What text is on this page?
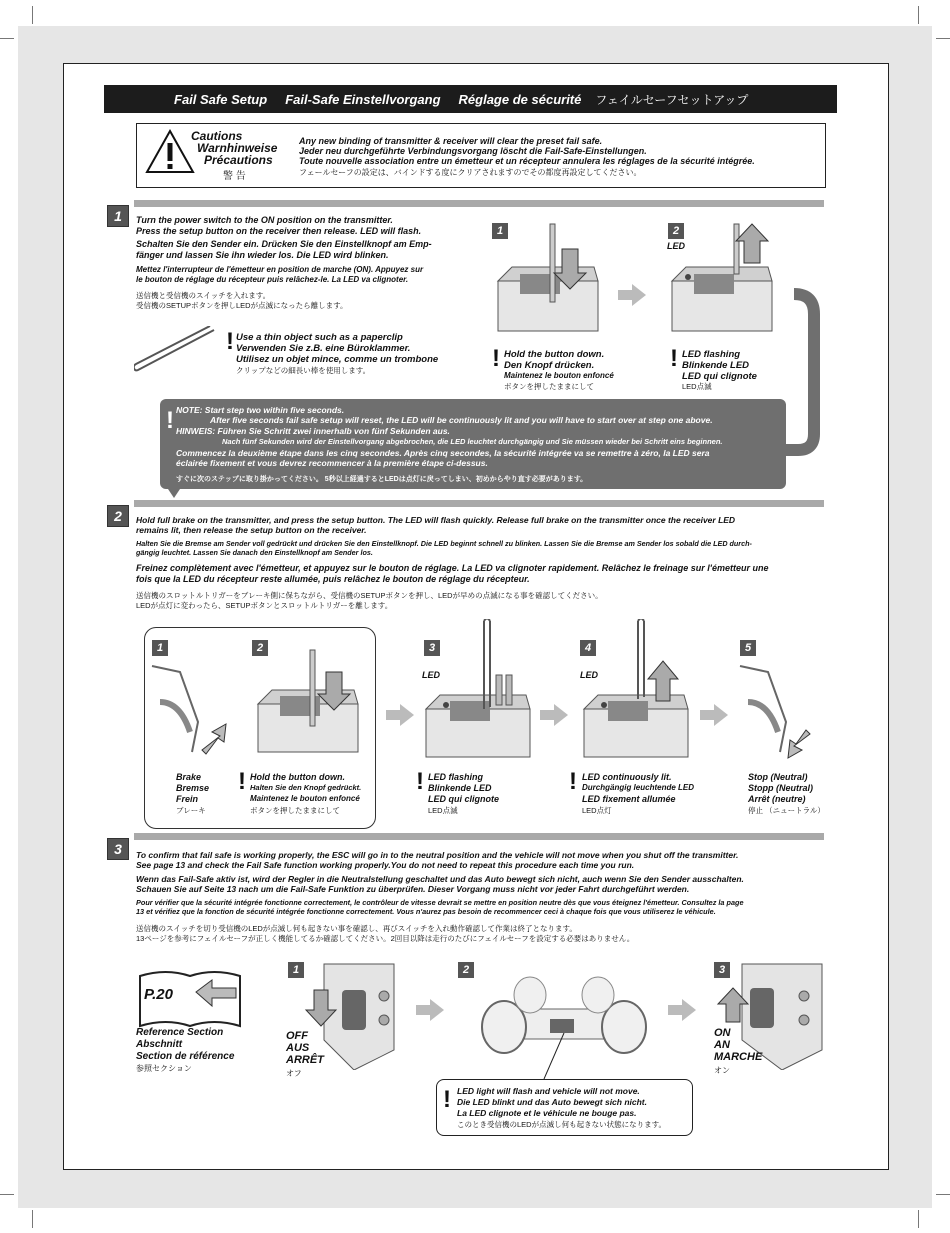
Fail Safe Setup Fail-Safe Einstellvorgang Réglage de sécurité フェイルセーフセットアップ
Cautions
Warnhinweise
Précautions
警 告
Any new binding of transmitter & receiver will clear the preset fail safe.
Jeder neu durchgeführte Verbindungsvorgang löscht die Fail-Safe-Einstellungen.
Toute nouvelle association entre un émetteur et un récepteur annulera les réglages de la sécurité intégrée.
フェールセーフの設定は、バインドする度にクリアされますのでその都度再設定してください。
1	Turn the power switch to the ON position on the transmitter.
Press the setup button on the receiver then release. LED will flash.
Schalten Sie den Sender ein. Drücken Sie den Einstellknopf am Emp-
fänger und lassen Sie ihn wieder los. Die LED wird blinken.
Mettez l'interrupteur de l'émetteur en position de marche (ON). Appuyez sur
le bouton de réglage du récepteur puis relâchez-le. La LED va clignoter.
送信機と受信機のスイッチを入れます。
受信機のSETUPボタンを押しLEDが点滅になったら離します。
! Use a thin object such as a paperclip
Verwenden Sie z.B. eine Büroklammer.
Utilisez un objet mince, comme un trombone
クリップなどの細長い棒を使用します。
1	2
LED
! Hold the button down.
Den Knopf drücken.
Maintenez le bouton enfoncé
ボタンを押したままにして
! LED flashing
Blinkende LED
LED qui clignote
LED点滅
! NOTE: Start step two within five seconds.
After five seconds fail safe setup will reset, the LED will be continuously lit and you will have to start over at step one above.
HINWEIS: Führen Sie Schritt zwei innerhalb von fünf Sekunden aus.
Nach fünf Sekunden wird der Einstellvorgang abgebrochen, die LED leuchtet durchgängig und Sie müssen wieder bei Schritt eins beginnen.
Commencez la deuxième étape dans les cinq secondes. Après cinq secondes, la sécurité intégrée va se remettre à zéro, la LED sera
éclairée fixement et vous devrez recommencer à la première étape ci-dessus.
すぐに次のステップに取り掛かってください。 5秒以上経過するとLEDは点灯に戻ってしまい、初めからやり直す必要があります。
2	Hold full brake on the transmitter, and press the setup button. The LED will flash quickly. Release full brake on the transmitter once the receiver LED
remains lit, then release the setup button on the receiver.
Halten Sie die Bremse am Sender voll gedrückt und drücken Sie den Einstellknopf. Die LED beginnt schnell zu blinken. Lassen Sie die Bremse am Sender los sobald die LED durch-
gängig leuchtet. Lassen Sie danach den Einstellknopf am Sender los.
Freinez complètement avec l'émetteur, et appuyez sur le bouton de réglage. La LED va clignoter rapidement. Relâchez le freinage sur l'émetteur une
fois que la LED du récepteur reste allumée, puis relâchez le bouton de réglage du récepteur.
送信機のスロットルトリガーをブレーキ側に保ちながら、受信機のSETUPボタンを押し、LEDが早めの点滅になる事を確認してください。
LEDが点灯に変わったら、SETUPボタンとスロットルトリガーを離します。
1	2
Brake
Bremse
Frein
ブレーキ
! Hold the button down.
Halten Sie den Knopf gedrückt.
Maintenez le bouton enfoncé
ボタンを押したままにして
3
LED
4
LED
5
! LED flashing
Blinkende LED
LED qui clignote
LED点滅
! LED continuously lit.
Durchgängig leuchtende LED
LED fixement allumée
LED点灯
Stop (Neutral)
Stopp (Neutral)
Arrêt (neutre)
停止 （ニュートラル）
3	To confirm that fail safe is working properly, the ESC will go in to the neutral position and the vehicle will not move when you shut off the transmitter.
See page 13 and check the Fail Safe function working properly.You do not need to repeat this procedure each time you run.
Wenn das Fail-Safe aktiv ist, wird der Regler in die Neutralstellung geschaltet und das Auto bewegt sich nicht, auch wenn Sie den Sender ausschalten.
Schauen Sie auf Seite 13 nach um die Fail-Safe Funktion zu überprüfen. Dieser Vorgang muss nicht vor jeder Fahrt durchgeführt werden.
Pour vérifier que la sécurité intégrée fonctionne correctement, le contrôleur de vitesse devrait se mettre en position neutre dès que vous éteignez l'émetteur. Consultez la page
13 et vérifiez que la fonction de sécurité intégrée fonctionne correctement. Vous n'aurez pas besoin de recommencer ceci à chaque fois que vous utiliserez le véhicule.
送信機のスイッチを切り受信機のLEDが点滅し何も起きない事を確認し、再びスイッチを入れ動作確認して作業は終了となります。
13ページを参考にフェイルセーフが正しく機能してるか確認してください。2回目以降は走行のたびにフェイルセーフを設定する必要はありません。
P.20
Reference Section
Abschnitt
Section de référence
参照セクション
1
OFF
AUS
ARRÊT
オフ
2	3
ON
AN
MARCHE
オン
! LED light will flash and vehicle will not move.
Die LED blinkt und das Auto bewegt sich nicht.
La LED clignote et le véhicule ne bouge pas.
このとき受信機のLEDが点滅し何も起きない状態になります。
